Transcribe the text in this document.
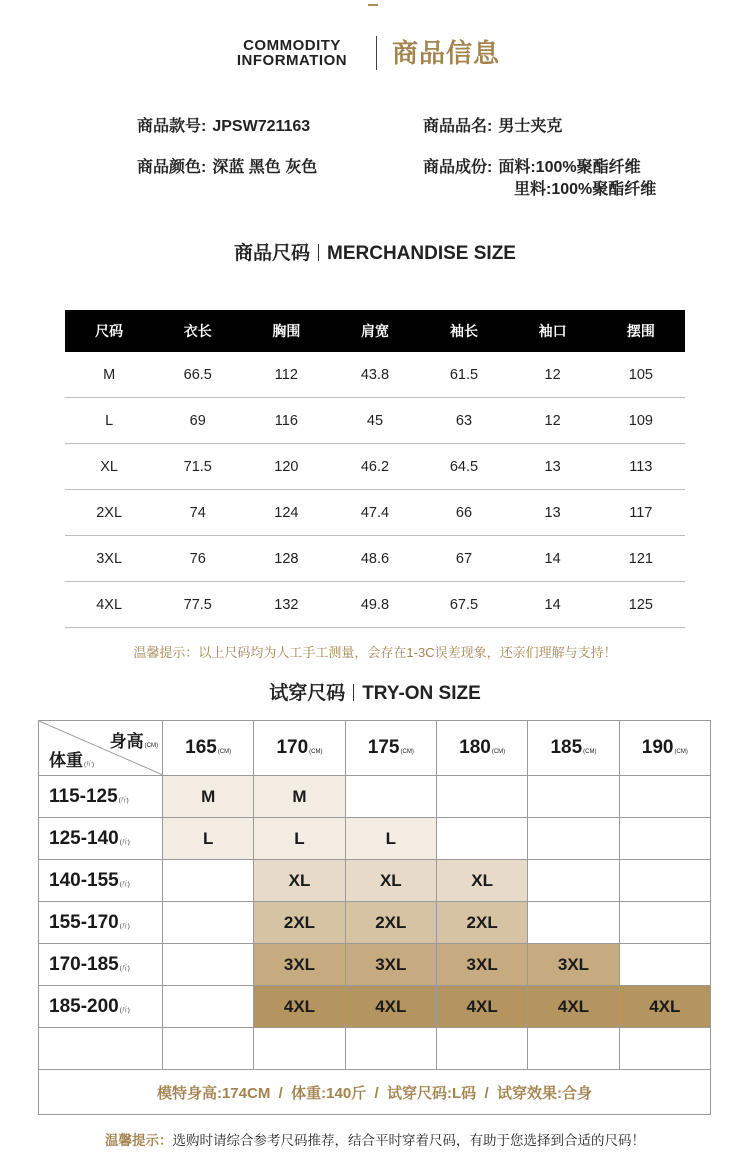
COMMODITY
INFORMATION	商品信息
商品款号: JPSW721163	商品品名: 男士夹克
商品颜色: 深蓝 黑色 灰色	商品成份: 面料:100%聚酯纤维
里料:100%聚酯纤维
商品尺码 MERCHANDISE SIZE
尺码	衣长	胸围	肩宽	袖长	袖口	摆围
M	66.5	112	43.8	61.5	12	105
L	69	116	45	63	12	109
XL	71.5	120	46.2	64.5	13	113
2XL	74	124	47.4	66	13	117
3XL	76	128	48.6	67	14	121
4XL	77.5	132	49.8	67.5	14	125
温馨提示：以上尺码均为人工手工测量，会存在1-3C误差现象，还亲们理解与支持！
试穿尺码 TRY-ON SIZE
身高(CM)
体重(斤)	165(CM)	170(CM)	175(CM)	180(CM)	185(CM)	190(CM)
115-125(斤)	M	M				
125-140(斤)	L	L	L			
140-155(斤)		XL	XL	XL		
155-170(斤)		2XL	2XL	2XL		
170-185(斤)		3XL	3XL	3XL	3XL	
185-200(斤)		4XL	4XL	4XL	4XL	4XL

模特身高:174CM  /  体重:140斤  /  试穿尺码:L码  /  试穿效果:合身						
温馨提示：选购时请综合参考尺码推荐，结合平时穿着尺码，有助于您选择到合适的尺码！
